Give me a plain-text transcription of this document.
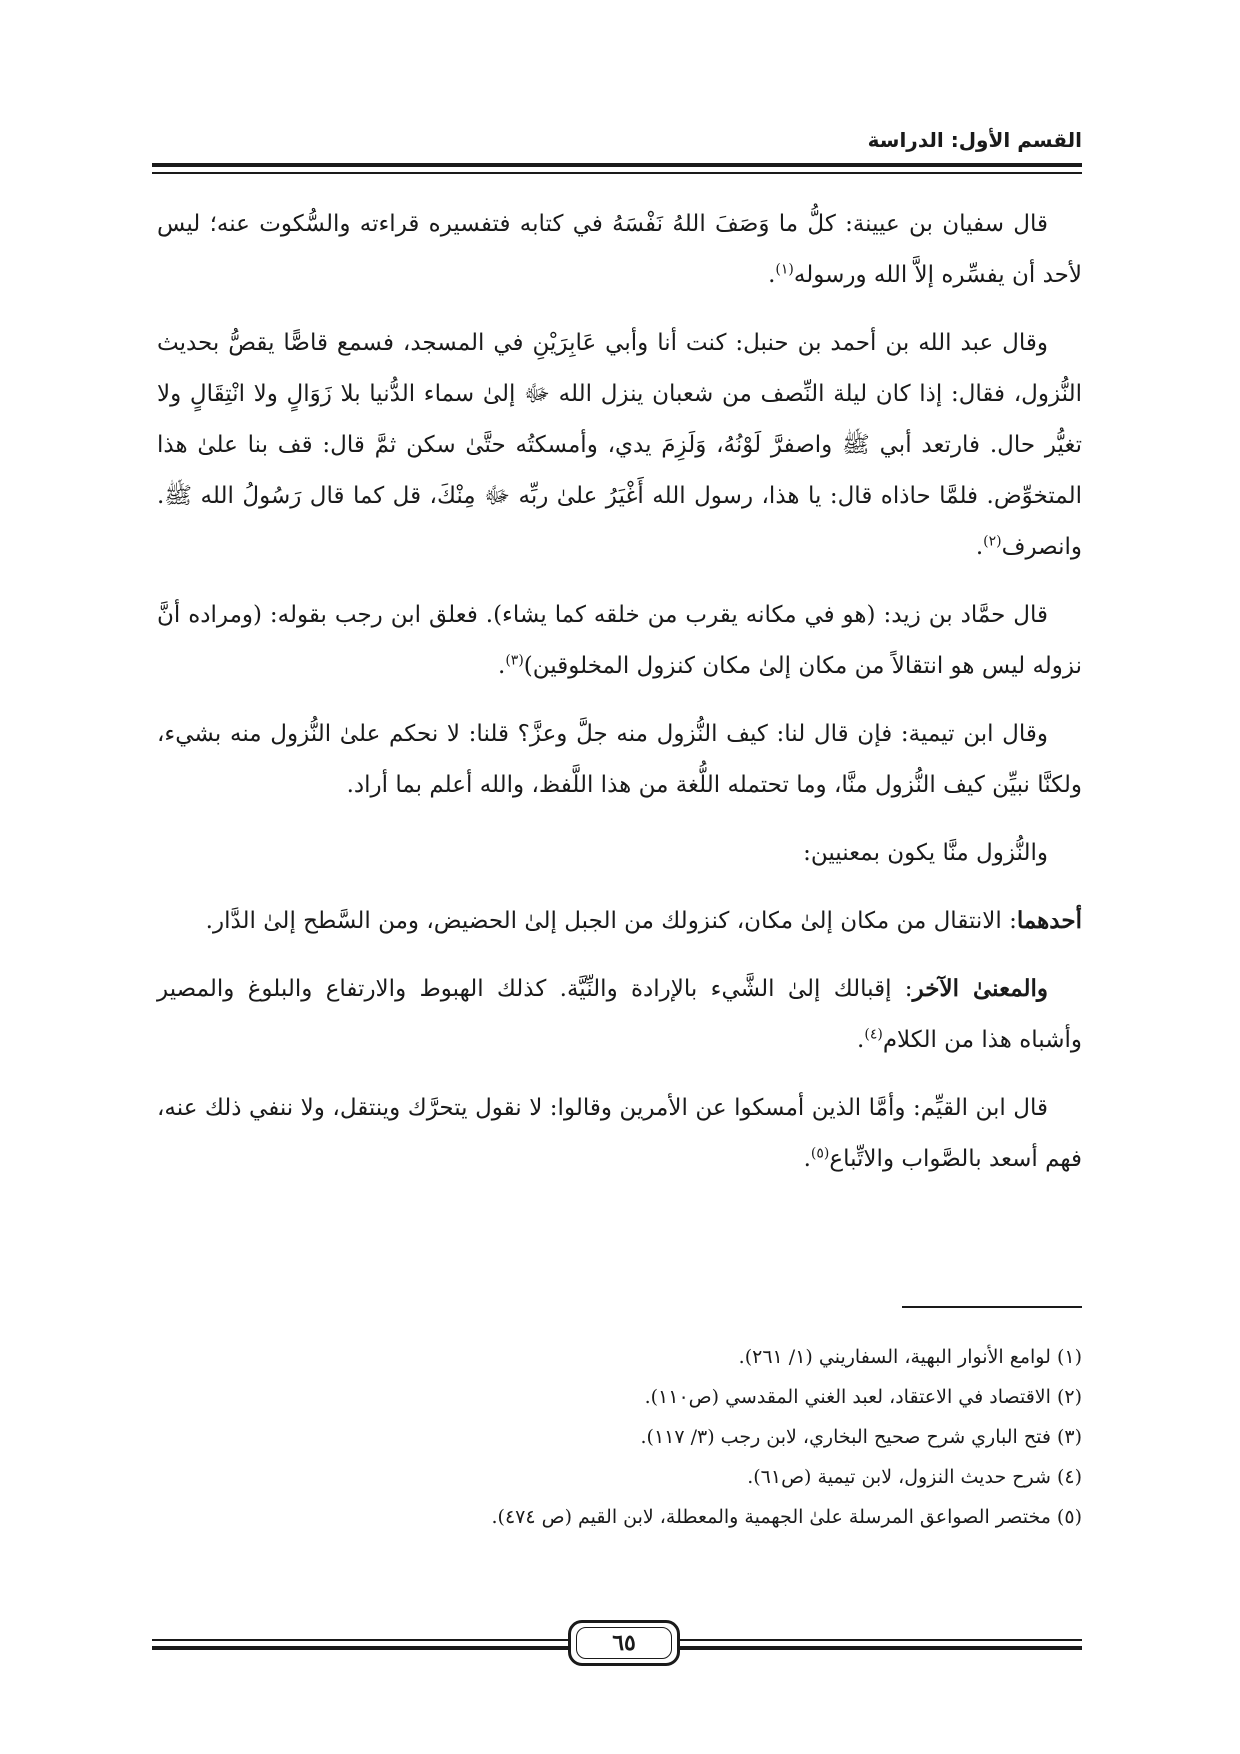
القسم الأول: الدراسة

قال سفيان بن عيينة: كلُّ ما وَصَفَ اللهُ نَفْسَهُ في كتابه فتفسيره قراءته والسُّكوت عنه؛ ليس لأحد أن يفسِّره إلاَّ الله ورسوله$^{(١)}$.

وقال عبد الله بن أحمد بن حنبل: كنت أنا وأبي عَابِرَيْنِ في المسجد، فسمع قاصًّا يقصُّ بحديث النُّزول، فقال: إذا كان ليلة النِّصف من شعبان ينزل الله ﷻ إلىٰ سماء الدُّنيا بلا زَوَالٍ ولا انْتِقَالٍ ولا تغيُّر حال. فارتعد أبي ﷺ واصفرَّ لَوْنُهُ، وَلَزِمَ يدي، وأمسكتُه حتَّىٰ سكن ثمَّ قال: قف بنا علىٰ هذا المتخوِّض. فلمَّا حاذاه قال: يا هذا، رسول الله أَغْيَرُ علىٰ ربِّه ﷻ مِنْكَ، قل كما قال رَسُولُ الله ﷺ. وانصرف$^{(٢)}$.

قال حمَّاد بن زيد: (هو في مكانه يقرب من خلقه كما يشاء). فعلق ابن رجب بقوله: (ومراده أنَّ نزوله ليس هو انتقالاً من مكان إلىٰ مكان كنزول المخلوقين)$^{(٣)}$.

وقال ابن تيمية: فإن قال لنا: كيف النُّزول منه جلَّ وعزَّ؟ قلنا: لا نحكم علىٰ النُّزول منه بشيء، ولكنَّا نبيِّن كيف النُّزول منَّا، وما تحتمله اللُّغة من هذا اللَّفظ، والله أعلم بما أراد.

والنُّزول منَّا يكون بمعنيين:

أحدهما: الانتقال من مكان إلىٰ مكان، كنزولك من الجبل إلىٰ الحضيض، ومن السَّطح إلىٰ الدَّار.

والمعنىٰ الآخر: إقبالك إلىٰ الشَّيء بالإرادة والنِّيَّة. كذلك الهبوط والارتفاع والبلوغ والمصير وأشباه هذا من الكلام$^{(٤)}$.

قال ابن القيِّم: وأمَّا الذين أمسكوا عن الأمرين وقالوا: لا نقول يتحرَّك وينتقل، ولا ننفي ذلك عنه، فهم أسعد بالصَّواب والاتِّباع$^{(٥)}$.

(١) لوامع الأنوار البهية، السفاريني (١/ ٢٦١).
(٢) الاقتصاد في الاعتقاد، لعبد الغني المقدسي (ص١١٠).
(٣) فتح الباري شرح صحيح البخاري، لابن رجب (٣/ ١١٧).
(٤) شرح حديث النزول، لابن تيمية (ص٦١).
(٥) مختصر الصواعق المرسلة علىٰ الجهمية والمعطلة، لابن القيم (ص ٤٧٤).
٦٥
